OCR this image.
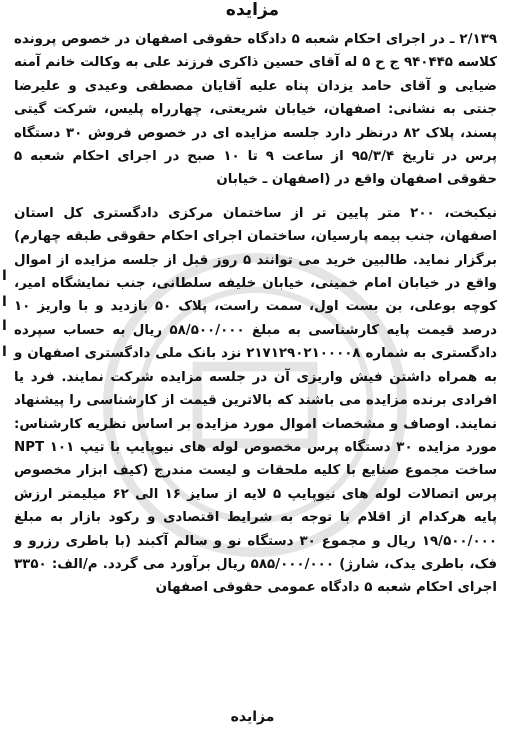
مزایده

۲/۱۳۹ ـ در اجرای احکام شعبه ۵ دادگاه حقوقی اصفهان در خصوص پرونده کلاسه ۹۴۰۴۴۵ ج ح ۵ له آقای حسین ذاکری فرزند علی به وکالت خانم آمنه ضیایی و آقای حامد یزدان پناه علیه آقایان مصطفی وعیدی و علیرضا جنتی به نشانی: اصفهان، خیابان شریعتی، چهارراه پلیس، شرکت گیتی پسند، پلاک ۸۲ درنظر دارد جلسه مزایده ای در خصوص فروش ۳۰ دستگاه پرس در تاریخ ۹۵/۳/۴ از ساعت ۹ تا ۱۰ صبح در اجرای احکام شعبه ۵ حقوقی اصفهان واقع در (اصفهان ـ خیابان

نیکبخت، ۲۰۰ متر پایین تر از ساختمان مرکزی دادگستری کل استان اصفهان، جنب بیمه پارسیان، ساختمان اجرای احکام حقوقی طبقه چهارم) برگزار نماید. طالبین خرید می توانند ۵ روز قبل از جلسه مزایده از اموال واقع در خیابان امام خمینی، خیابان خلیفه سلطانی، جنب نمایشگاه امیر، کوچه بوعلی، بن بست اول، سمت راست، پلاک ۵۰ بازدید و با واریز ۱۰ درصد قیمت پایه کارشناسی به مبلغ ۵۸/۵۰۰/۰۰۰ ریال به حساب سپرده دادگستری به شماره ۲۱۷۱۲۹۰۲۱۰۰۰۰۸ نزد بانک ملی دادگستری اصفهان و به همراه داشتن فیش واریزی آن در جلسه مزایده شرکت نمایند. فرد یا افرادی برنده مزایده می باشند که بالاترین قیمت از کارشناسی را پیشنهاد نمایند. اوصاف و مشخصات اموال مورد مزایده بر اساس نظریه کارشناس: مورد مزایده ۳۰ دستگاه پرس مخصوص لوله های نیوپایپ با تیپ NPT ۱۰۱ ساخت مجموع صنایع با کلیه ملحقات و لیست مندرج (کیف ابزار مخصوص پرس اتصالات لوله های نیوپایپ ۵ لایه از سایز ۱۶ الی ۶۲ میلیمتر ارزش پایه هرکدام از اقلام با توجه به شرایط اقتصادی و رکود بازار به مبلغ ۱۹/۵۰۰/۰۰۰ ریال و مجموع ۳۰ دستگاه نو و سالم آکبند (با باطری رزرو و فک، باطری یدک، شارژ) ۵۸۵/۰۰۰/۰۰۰ ریال برآورد می گردد. م/الف: ۳۳۵۰ اجرای احکام شعبه ۵ دادگاه عمومی حقوقی اصفهان

ا
ا
ا
ا
مزایده
